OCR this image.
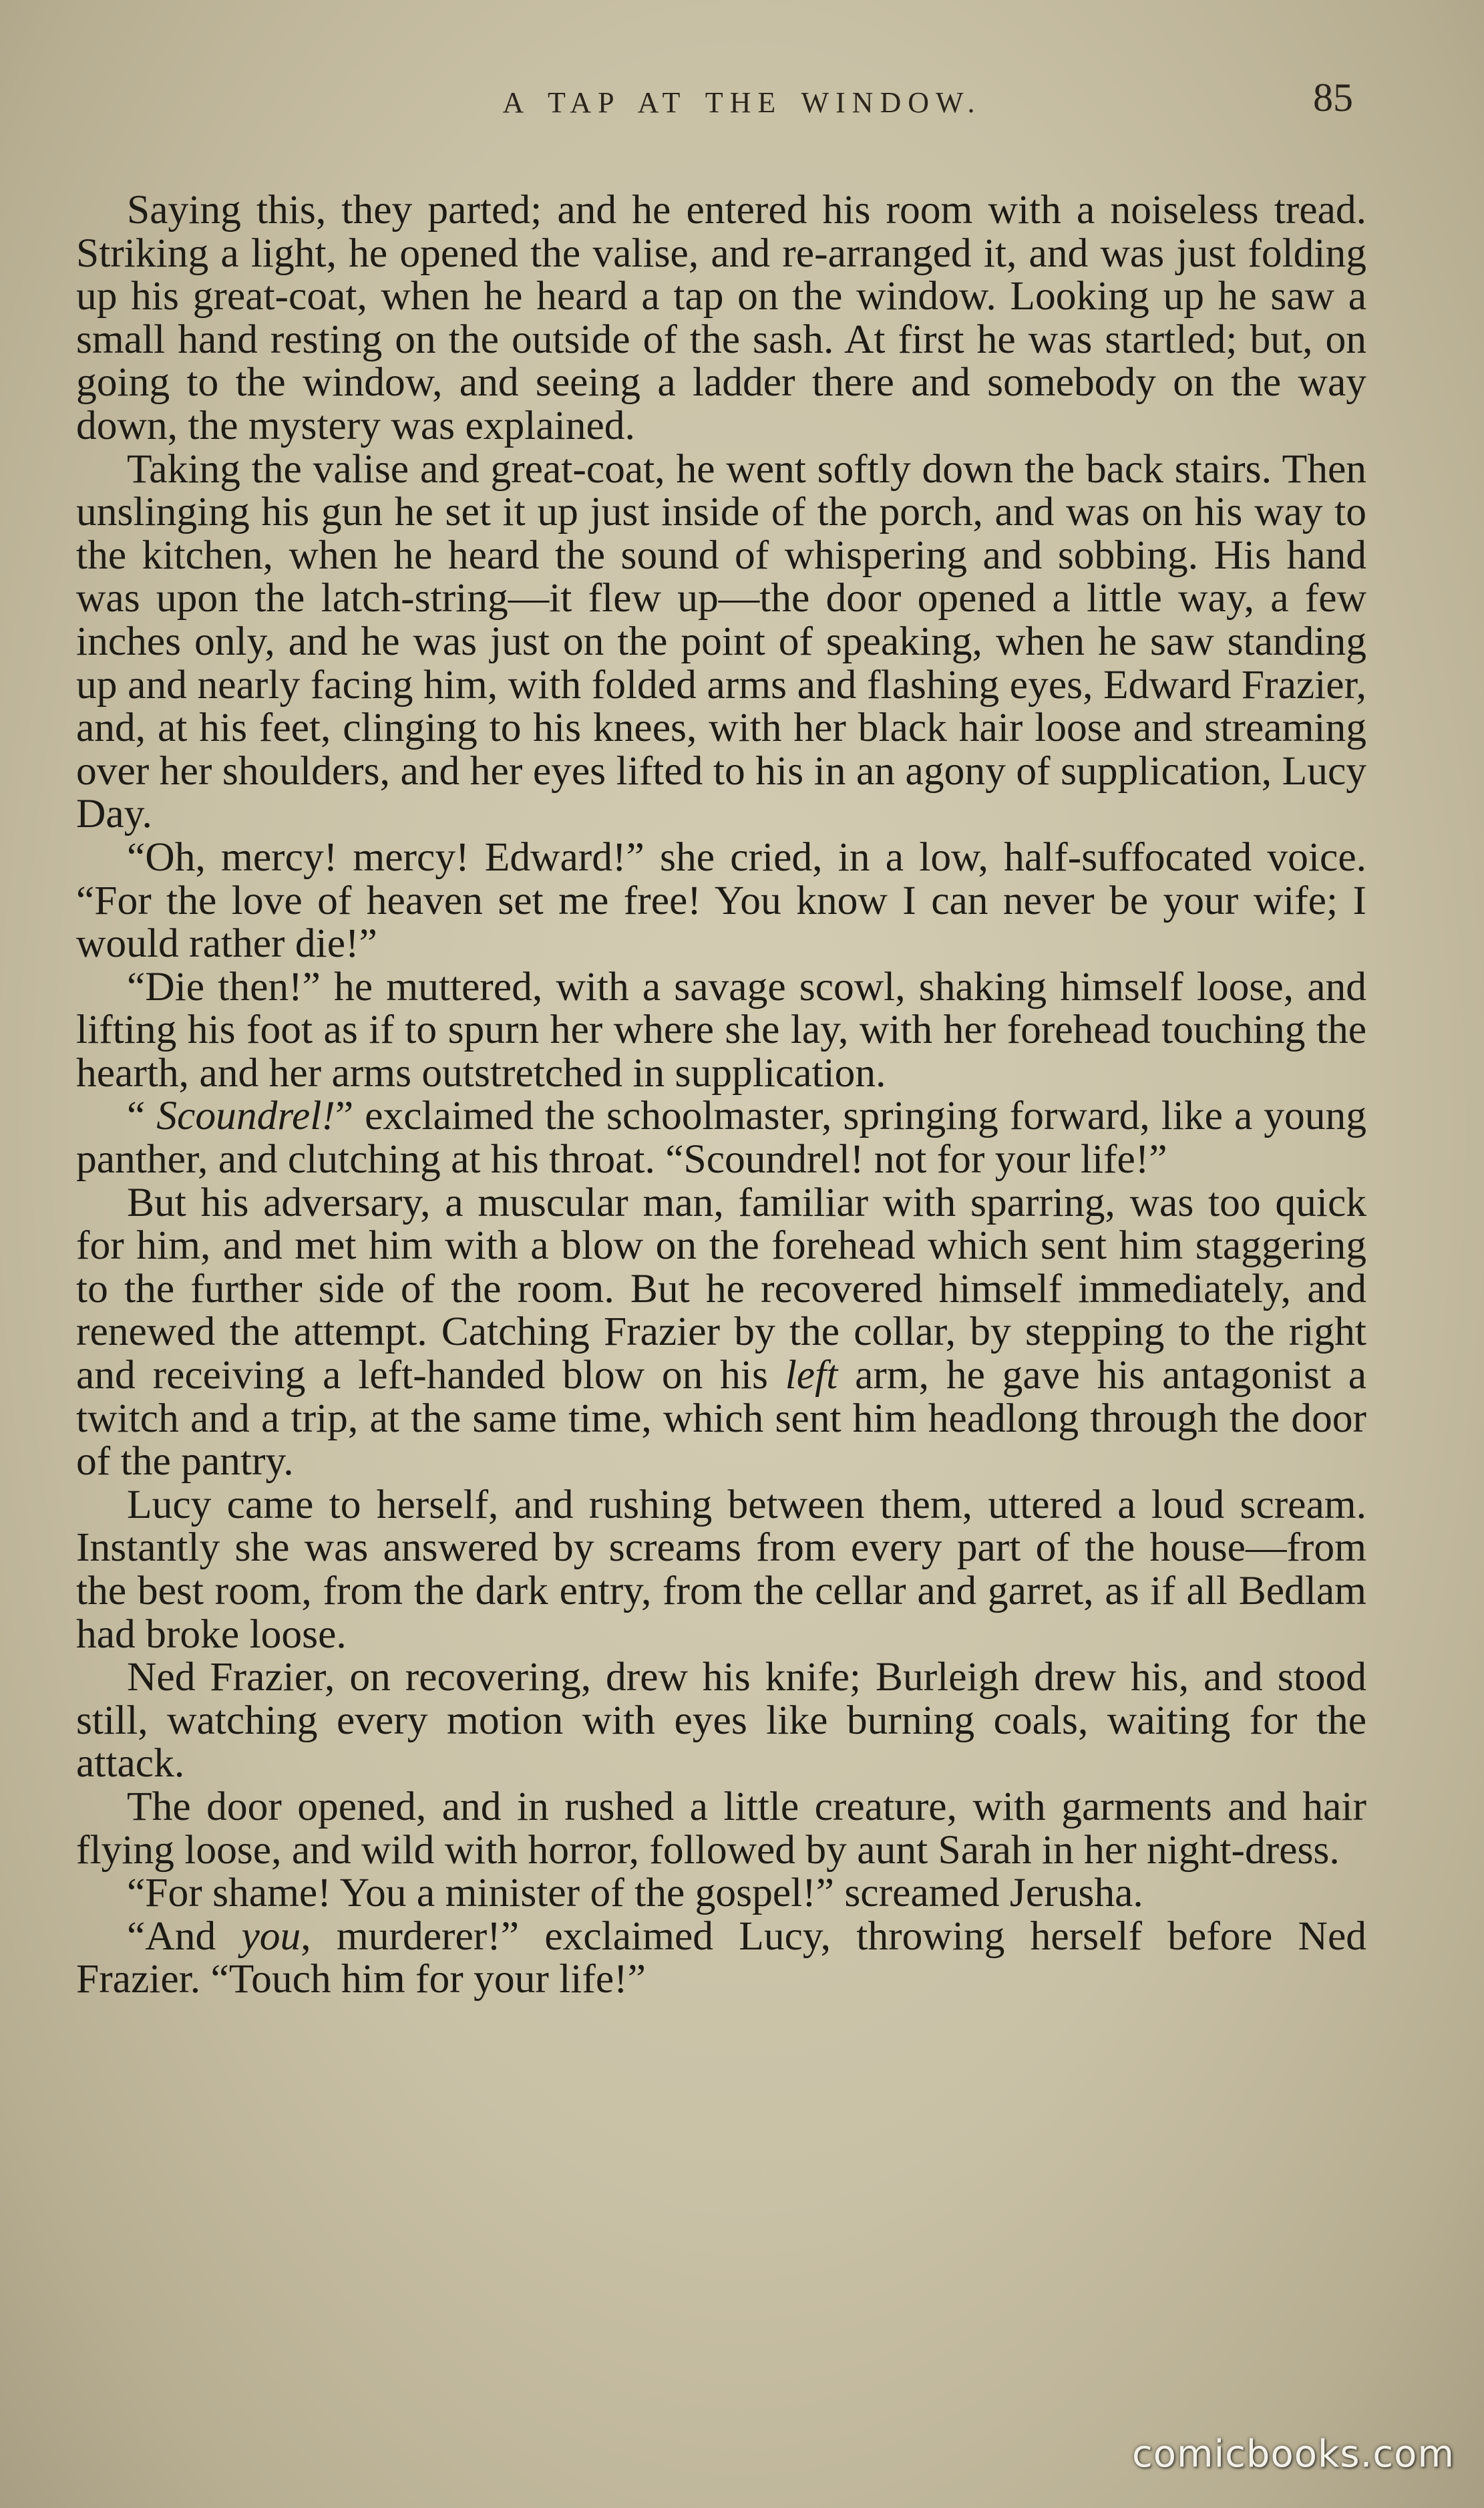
A TAP AT THE WINDOW.	85

Saying this, they parted; and he entered his room with a noiseless tread. Striking a light, he opened the valise, and re-arranged it, and was just folding up his great-coat, when he heard a tap on the window. Looking up he saw a small hand resting on the outside of the sash. At first he was startled; but, on going to the window, and seeing a ladder there and somebody on the way down, the mystery was explained.

Taking the valise and great-coat, he went softly down the back stairs. Then unslinging his gun he set it up just inside of the porch, and was on his way to the kitchen, when he heard the sound of whispering and sobbing. His hand was upon the latch-string—it flew up—the door opened a little way, a few inches only, and he was just on the point of speaking, when he saw standing up and nearly facing him, with folded arms and flashing eyes, Edward Frazier, and, at his feet, clinging to his knees, with her black hair loose and streaming over her shoulders, and her eyes lifted to his in an agony of supplication, Lucy Day.

“Oh, mercy! mercy! Edward!” she cried, in a low, half-suffocated voice. “For the love of heaven set me free! You know I can never be your wife; I would rather die!”

“Die then!” he muttered, with a savage scowl, shaking himself loose, and lifting his foot as if to spurn her where she lay, with her forehead touching the hearth, and her arms outstretched in supplication.

“ Scoundrel!” exclaimed the schoolmaster, springing forward, like a young panther, and clutching at his throat. “Scoundrel! not for your life!”

But his adversary, a muscular man, familiar with sparring, was too quick for him, and met him with a blow on the forehead which sent him staggering to the further side of the room. But he recovered himself immediately, and renewed the attempt. Catching Frazier by the collar, by stepping to the right and receiving a left-handed blow on his left arm, he gave his antagonist a twitch and a trip, at the same time, which sent him headlong through the door of the pantry.

Lucy came to herself, and rushing between them, uttered a loud scream. Instantly she was answered by screams from every part of the house—from the best room, from the dark entry, from the cellar and garret, as if all Bedlam had broke loose.

Ned Frazier, on recovering, drew his knife; Burleigh drew his, and stood still, watching every motion with eyes like burning coals, waiting for the attack.

The door opened, and in rushed a little creature, with garments and hair flying loose, and wild with horror, followed by aunt Sarah in her night-dress.

“For shame! You a minister of the gospel!” screamed Jerusha.

“And you, murderer!” exclaimed Lucy, throwing herself before Ned Frazier. “Touch him for your life!”

comicbooks.com
